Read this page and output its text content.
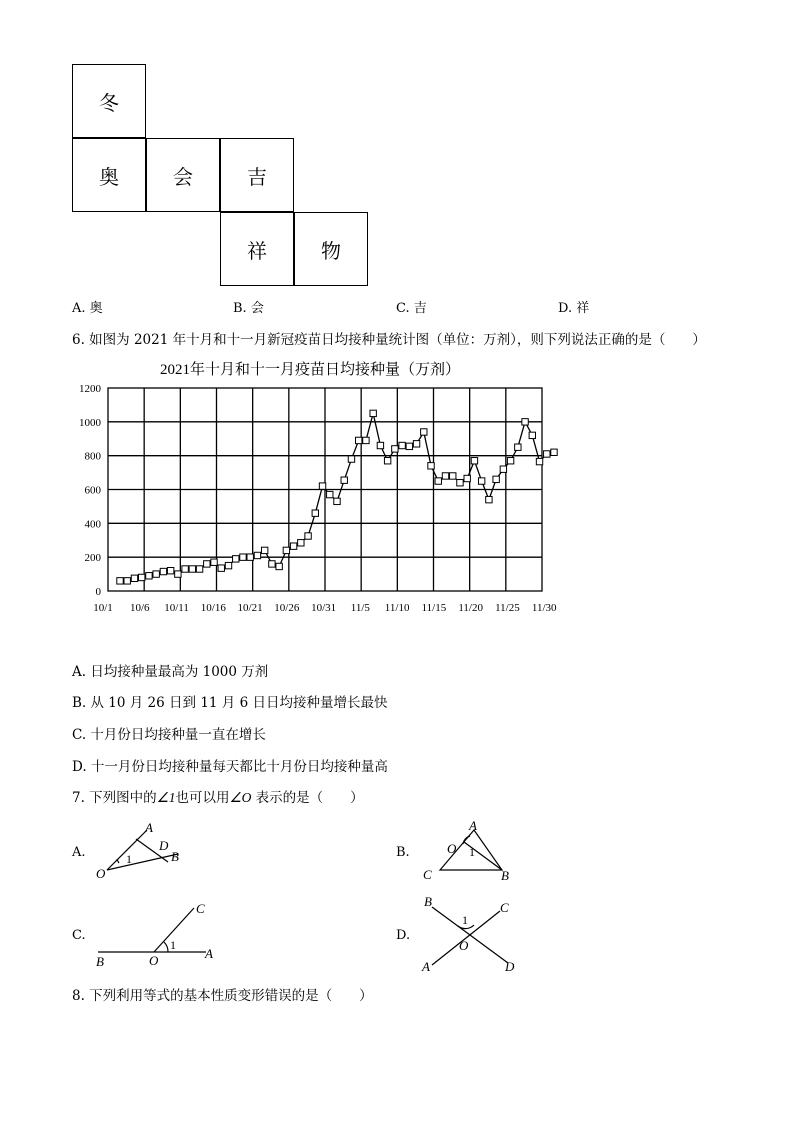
冬
奥	会	吉
祥	物
A. 奥	B. 会	C. 吉	D. 祥
6. 如图为 2021 年十月和十一月新冠疫苗日均接种量统计图（单位：万剂），则下列说法正确的是（　　）
2021年十月和十一月疫苗日均接种量（万剂）
0
200
400
600
800
1000
1200
10/1 10/6 10/11 10/16 10/21 10/26 10/31 11/5 11/10 11/15 11/20 11/25 11/30
A. 日均接种量最高为 1000 万剂
B. 从 10 月 26 日到 11 月 6 日日均接种量增长最快
C. 十月份日均接种量一直在增长
D. 十一月份日均接种量每天都比十月份日均接种量高
7. 下列图中的∠1也可以用∠O 表示的是（　　）
A.
A
D
B
O
1	B.
A
O 1
C	B
C.
C
1
B	O	A
D.
B	C
1
O
A	D
8. 下列利用等式的基本性质变形错误的是（　　）
